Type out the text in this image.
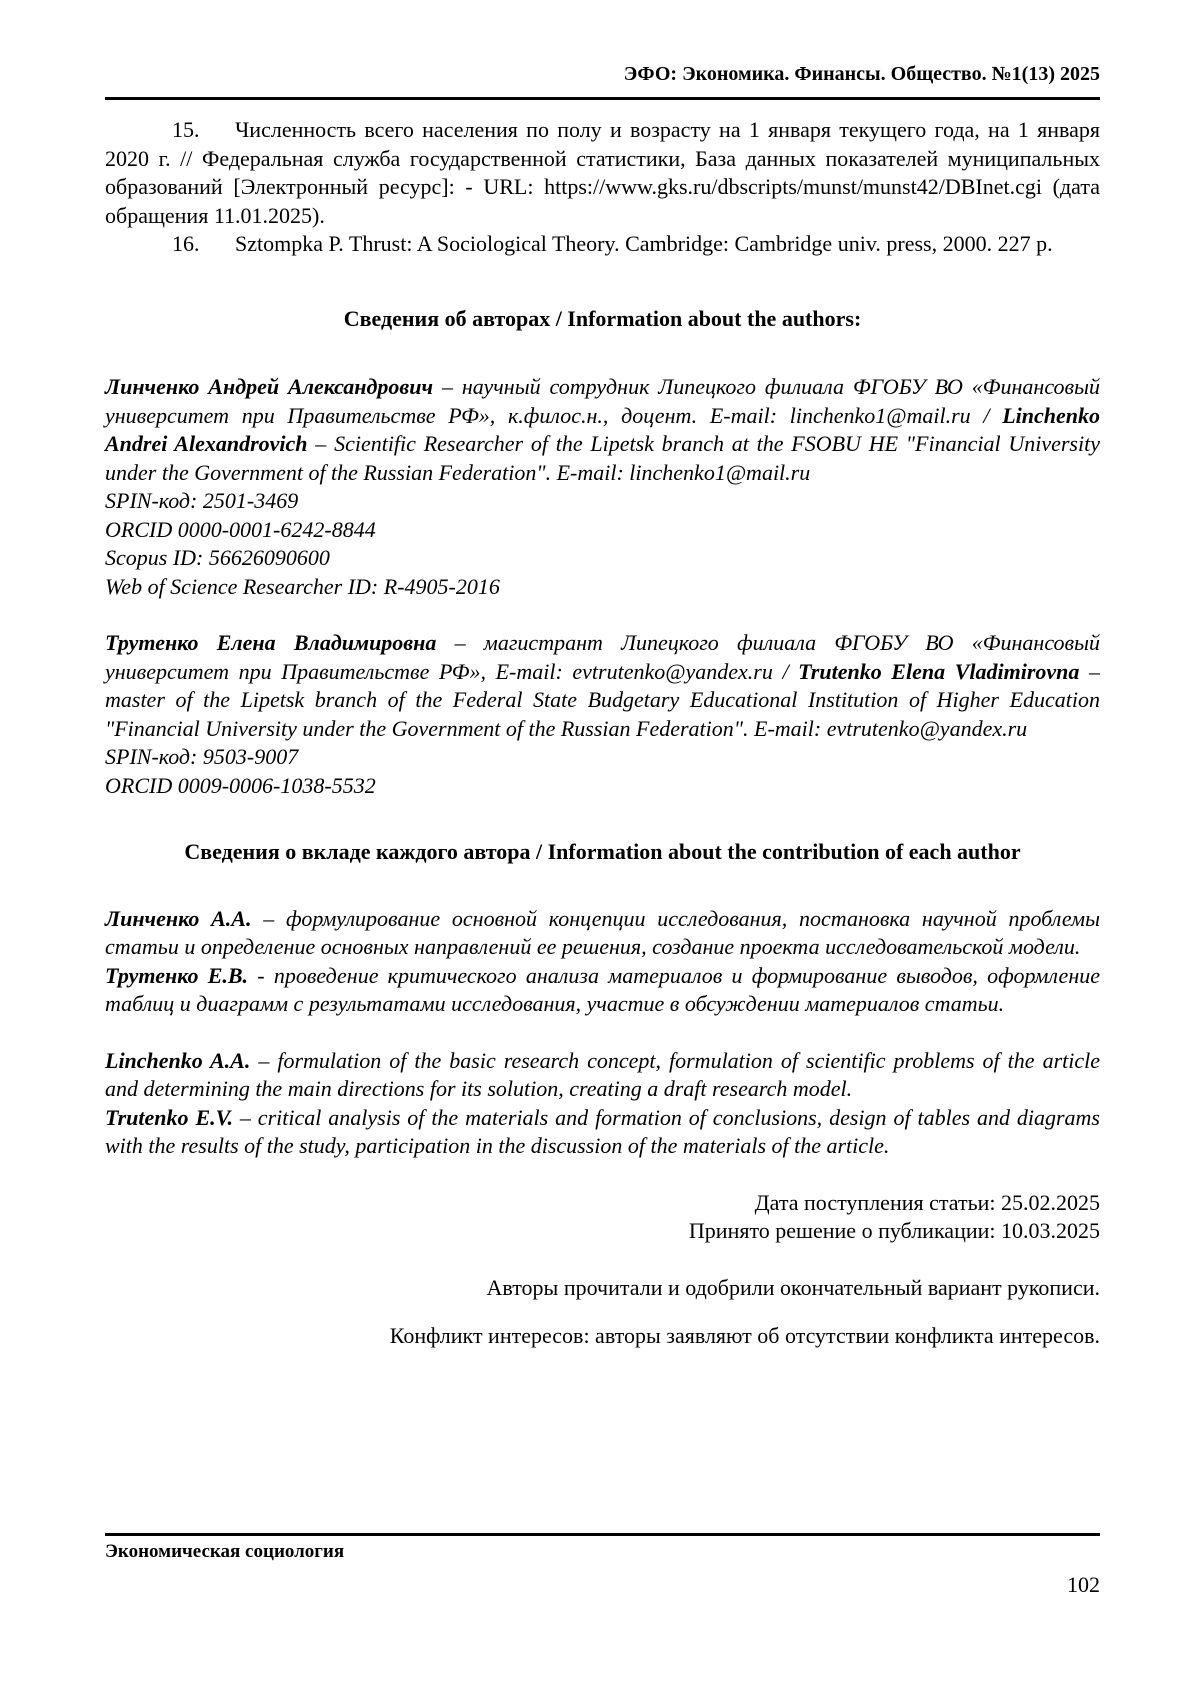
ЭФО: Экономика. Финансы. Общество. №1(13) 2025

15. Численность всего населения по полу и возрасту на 1 января текущего года, на 1 января 2020 г. // Федеральная служба государственной статистики, База данных показателей муниципальных образований [Электронный ресурс]: - URL: https://www.gks.ru/dbscripts/munst/munst42/DBInet.cgi (дата обращения 11.01.2025).

16. Sztompka P. Thrust: A Sociological Theory. Cambridge: Cambridge univ. press, 2000. 227 p.

Сведения об авторах / Information about the authors:

Линченко Андрей Александрович – научный сотрудник Липецкого филиала ФГОБУ ВО «Финансовый университет при Правительстве РФ», к.филос.н., доцент. E-mail: linchenko1@mail.ru / Linchenko Andrei Alexandrovich – Scientific Researcher of the Lipetsk branch at the FSOBU HE "Financial University under the Government of the Russian Federation". E-mail: linchenko1@mail.ru

SPIN-код: 2501-3469

ORCID 0000-0001-6242-8844

Scopus ID: 56626090600

Web of Science Researcher ID: R-4905-2016

Трутенко Елена Владимировна – магистрант Липецкого филиала ФГОБУ ВО «Финансовый университет при Правительстве РФ», E-mail: evtrutenko@yandex.ru / Trutenko Elena Vladimirovna – master of the Lipetsk branch of the Federal State Budgetary Educational Institution of Higher Education "Financial University under the Government of the Russian Federation". E-mail: evtrutenko@yandex.ru

SPIN-код: 9503-9007

ORCID 0009-0006-1038-5532

Сведения о вкладе каждого автора / Information about the contribution of each author

Линченко А.А. – формулирование основной концепции исследования, постановка научной проблемы статьи и определение основных направлений ее решения, создание проекта исследовательской модели.

Трутенко Е.В. - проведение критического анализа материалов и формирование выводов, оформление таблиц и диаграмм с результатами исследования, участие в обсуждении материалов статьи.

Linchenko A.A. – formulation of the basic research concept, formulation of scientific problems of the article and determining the main directions for its solution, creating a draft research model.

Trutenko E.V. – critical analysis of the materials and formation of conclusions, design of tables and diagrams with the results of the study, participation in the discussion of the materials of the article.

Дата поступления статьи: 25.02.2025

Принято решение о публикации: 10.03.2025

Авторы прочитали и одобрили окончательный вариант рукописи.

Конфликт интересов: авторы заявляют об отсутствии конфликта интересов.

Экономическая социология
102
